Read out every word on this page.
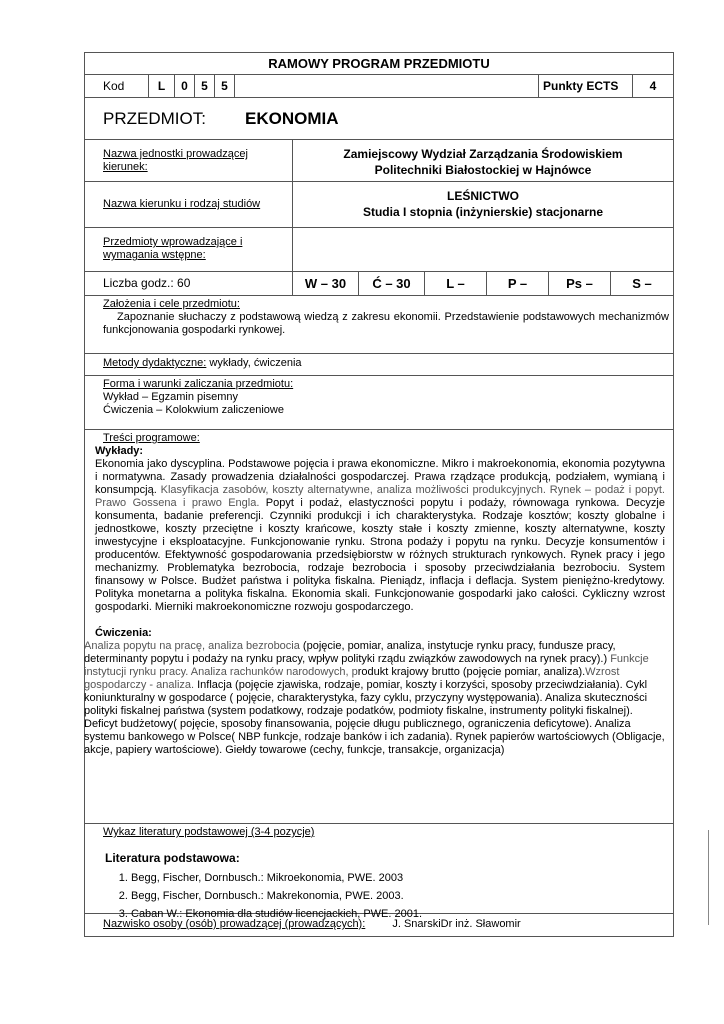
RAMOWY PROGRAM PRZEDMIOTU
Kod	L	0	5	5	Punkty ECTS	4
PRZEDMIOT: EKONOMIA
Nazwa jednostki prowadzącej kierunek:
Zamiejscowy Wydział Zarządzania Środowiskiem
Politechniki Białostockiej w Hajnówce
Nazwa kierunku i rodzaj studiów
LEŚNICTWO
Studia I stopnia (inżynierskie) stacjonarne
Przedmioty wprowadzające i wymagania wstępne:
Liczba godz.: 60	W – 30	Ć – 30	L –	P –	Ps –	S –
Założenia i cele przedmiotu:
Zapoznanie słuchaczy z podstawową wiedzą z zakresu ekonomii. Przedstawienie podstawowych mechanizmów funkcjonowania gospodarki rynkowej.
Metody dydaktyczne: wykłady, ćwiczenia
Forma i warunki zaliczania przedmiotu:
Wykład – Egzamin pisemny
Ćwiczenia – Kolokwium zaliczeniowe
Treści programowe:
Wykłady:
Ekonomia jako dyscyplina. Podstawowe pojęcia i prawa ekonomiczne. Mikro i makroekonomia, ekonomia pozytywna i normatywna. Zasady prowadzenia działalności gospodarczej. Prawa rządzące produkcją, podziałem, wymianą i konsumpcją. Klasyfikacja zasobów, koszty alternatywne, analiza możliwości produkcyjnych. Rynek – podaż i popyt. Prawo Gossena i prawo Engla. Popyt i podaż, elastyczności popytu i podaży, równowaga rynkowa. Decyzje konsumenta, badanie preferencji. Czynniki produkcji i ich charakterystyka. Rodzaje kosztów; koszty globalne i jednostkowe, koszty przeciętne i koszty krańcowe, koszty stałe i koszty zmienne, koszty alternatywne, koszty inwestycyjne i eksploatacyjne. Funkcjonowanie rynku. Strona podaży i popytu na rynku. Decyzje konsumentów i producentów. Efektywność gospodarowania przedsiębiorstw w różnych strukturach rynkowych. Rynek pracy i jego mechanizmy. Problematyka bezrobocia, rodzaje bezrobocia i sposoby przeciwdziałania bezrobociu. System finansowy w Polsce. Budżet państwa i polityka fiskalna. Pieniądz, inflacja i deflacja. System pieniężno-kredytowy. Polityka monetarna a polityka fiskalna. Ekonomia skali. Funkcjonowanie gospodarki jako całości. Cykliczny wzrost gospodarki. Mierniki makroekonomiczne rozwoju gospodarczego.
Ćwiczenia:
Analiza popytu na pracę, analiza bezrobocia (pojęcie, pomiar, analiza, instytucje rynku pracy, fundusze pracy, determinanty popytu i podaży na rynku pracy, wpływ polityki rządu związków zawodowych na rynek pracy).) Funkcje instytucji rynku pracy. Analiza rachunków narodowych, produkt krajowy brutto (pojęcie pomiar, analiza).Wzrost gospodarczy - analiza. Inflacja (pojęcie zjawiska, rodzaje, pomiar, koszty i korzyści, sposoby przeciwdziałania). Cykl koniunkturalny w gospodarce ( pojęcie, charakterystyka, fazy cyklu, przyczyny występowania). Analiza skuteczności polityki fiskalnej państwa (system podatkowy, rodzaje podatków, podmioty fiskalne, instrumenty polityki fiskalnej). Deficyt budżetowy( pojęcie, sposoby finansowania, pojęcie długu publicznego, ograniczenia deficytowe). Analiza systemu bankowego w Polsce( NBP funkcje, rodzaje banków i ich zadania). Rynek papierów wartościowych (Obligacje, akcje, papiery wartościowe). Giełdy towarowe (cechy, funkcje, transakcje, organizacja)
Wykaz literatury podstawowej (3-4 pozycje)
Literatura podstawowa:
1. Begg, Fischer, Dornbusch.: Mikroekonomia, PWE. 2003
2. Begg, Fischer, Dornbusch.: Makrekonomia, PWE. 2003.
3. Caban W.: Ekonomia dla studiów licencjackich, PWE. 2001.
Nazwisko osoby (osób) prowadzącej (prowadzących): J. SnarskiDr inż. Sławomir
